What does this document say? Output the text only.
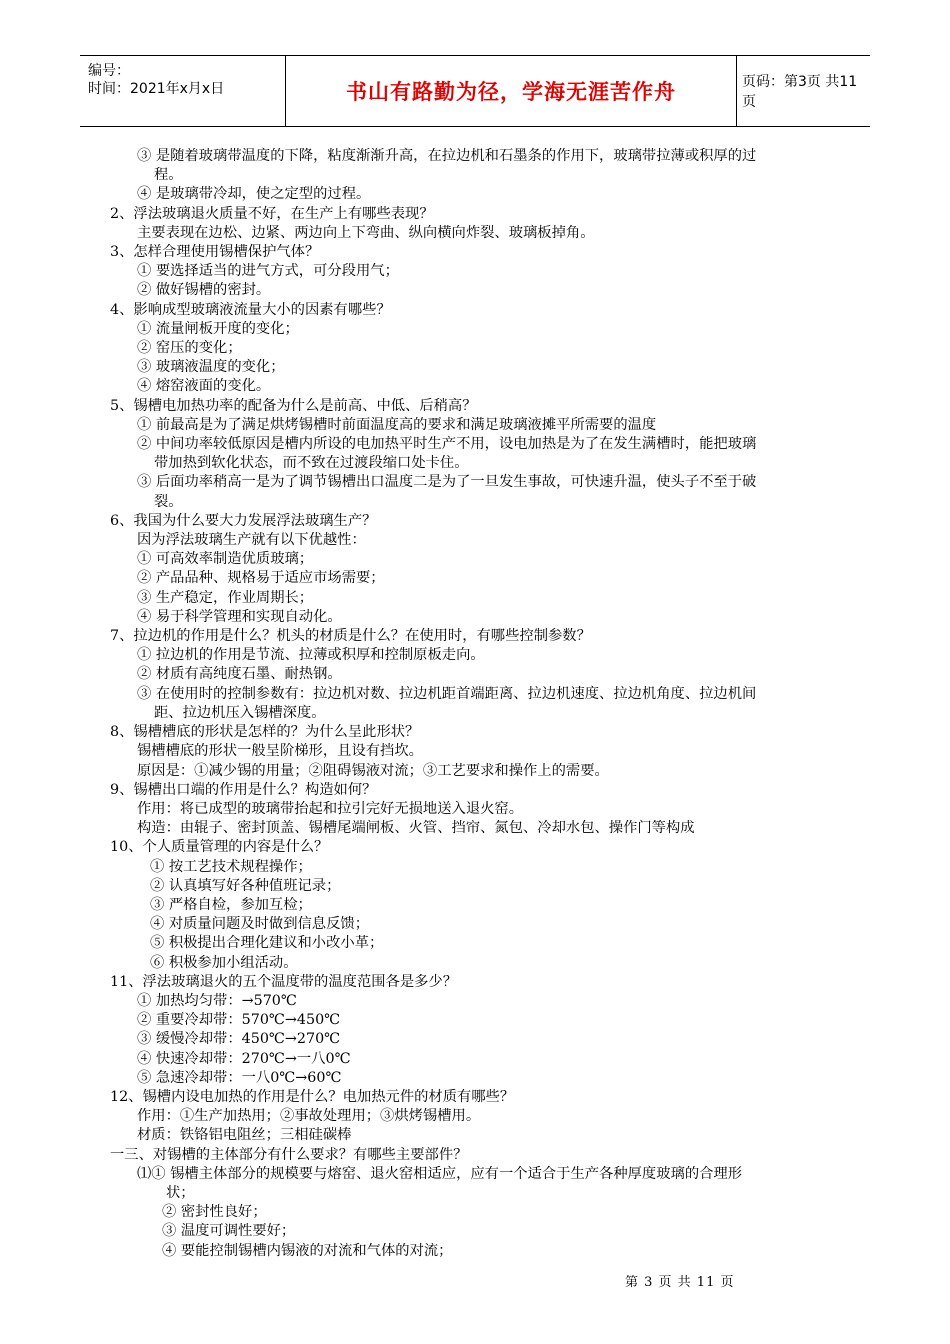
编号：
时间：2021年x月x日	书山有路勤为径，学海无涯苦作舟	页码：第3页 共11页
③ 是随着玻璃带温度的下降，粘度渐渐升高，在拉边机和石墨条的作用下，玻璃带拉薄或积厚的过
程。
④ 是玻璃带冷却，使之定型的过程。
2、浮法玻璃退火质量不好，在生产上有哪些表现？
主要表现在边松、边紧、两边向上下弯曲、纵向横向炸裂、玻璃板掉角。
3、怎样合理使用锡槽保护气体？
① 要选择适当的进气方式，可分段用气；
② 做好锡槽的密封。
4、影响成型玻璃液流量大小的因素有哪些？
① 流量闸板开度的变化；
② 窑压的变化；
③ 玻璃液温度的变化；
④ 熔窑液面的变化。
5、锡槽电加热功率的配备为什么是前高、中低、后稍高？
① 前最高是为了满足烘烤锡槽时前面温度高的要求和满足玻璃液摊平所需要的温度
② 中间功率较低原因是槽内所设的电加热平时生产不用，设电加热是为了在发生满槽时，能把玻璃
带加热到软化状态，而不致在过渡段缩口处卡住。
③ 后面功率稍高一是为了调节锡槽出口温度二是为了一旦发生事故，可快速升温，使头子不至于破
裂。
6、我国为什么要大力发展浮法玻璃生产？
因为浮法玻璃生产就有以下优越性：
① 可高效率制造优质玻璃；
② 产品品种、规格易于适应市场需要；
③ 生产稳定，作业周期长；
④ 易于科学管理和实现自动化。
7、拉边机的作用是什么？机头的材质是什么？在使用时，有哪些控制参数？
① 拉边机的作用是节流、拉薄或积厚和控制原板走向。
② 材质有高纯度石墨、耐热钢。
③ 在使用时的控制参数有：拉边机对数、拉边机距首端距离、拉边机速度、拉边机角度、拉边机间
距、拉边机压入锡槽深度。
8、锡槽槽底的形状是怎样的？为什么呈此形状？
锡槽槽底的形状一般呈阶梯形，且设有挡坎。
原因是：①减少锡的用量；②阻碍锡液对流；③工艺要求和操作上的需要。
9、锡槽出口端的作用是什么？构造如何？
作用：将已成型的玻璃带抬起和拉引完好无损地送入退火窑。
构造：由辊子、密封顶盖、锡槽尾端闸板、火管、挡帘、氮包、冷却水包、操作门等构成
10、个人质量管理的内容是什么？
① 按工艺技术规程操作；
② 认真填写好各种值班记录；
③ 严格自检，参加互检；
④ 对质量问题及时做到信息反馈；
⑤ 积极提出合理化建议和小改小革；
⑥ 积极参加小组活动。
11、浮法玻璃退火的五个温度带的温度范围各是多少？
① 加热均匀带：→570℃
② 重要冷却带：570℃→450℃
③ 缓慢冷却带：450℃→270℃
④ 快速冷却带：270℃→一八0℃
⑤ 急速冷却带：一八0℃→60℃
12、锡槽内设电加热的作用是什么？电加热元件的材质有哪些？
作用：①生产加热用；②事故处理用；③烘烤锡槽用。
材质：铁铬铝电阻丝；三相硅碳棒
一三、对锡槽的主体部分有什么要求？有哪些主要部件？
⑴① 锡槽主体部分的规模要与熔窑、退火窑相适应，应有一个适合于生产各种厚度玻璃的合理形
状；
② 密封性良好；
③ 温度可调性要好；
④ 要能控制锡槽内锡液的对流和气体的对流；
第 3 页 共 11 页
